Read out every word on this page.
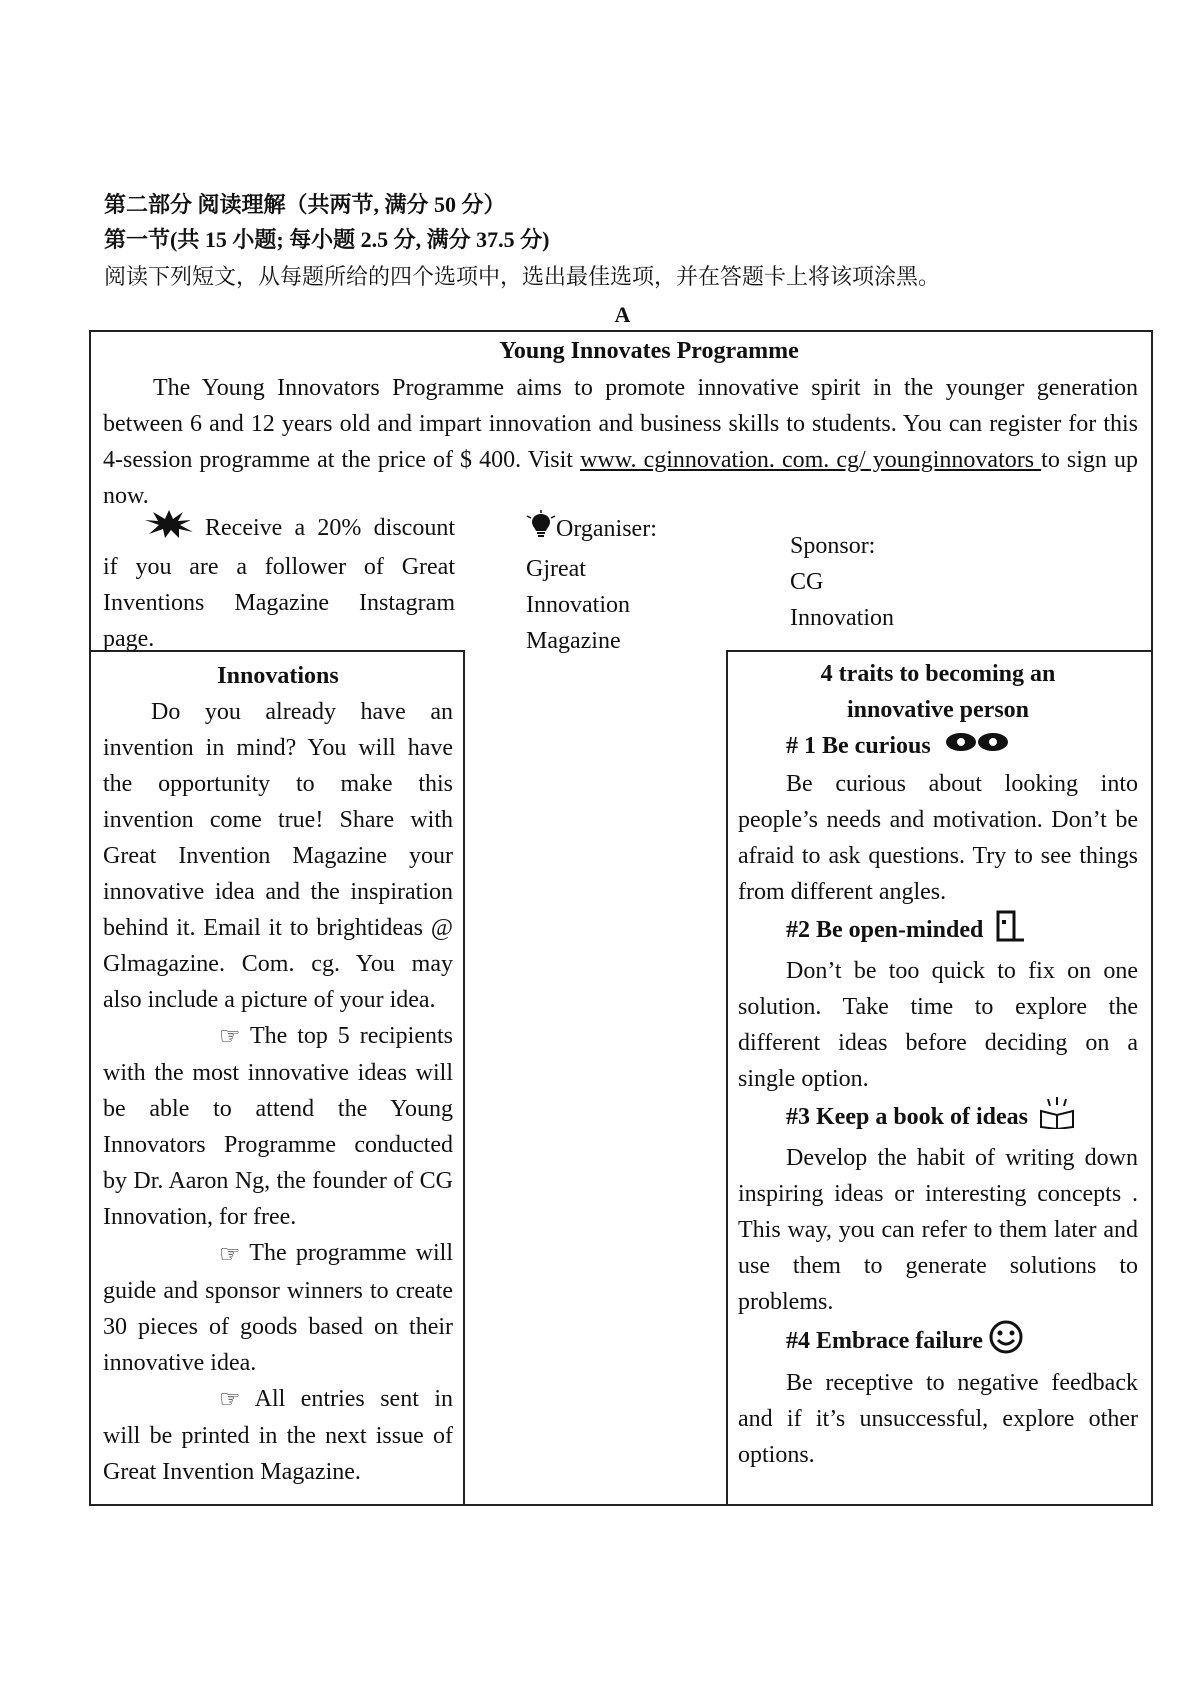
第二部分 阅读理解（共两节, 满分 50 分）
第一节(共 15 小题; 每小题 2.5 分, 满分 37.5 分)
阅读下列短文，从每题所给的四个选项中，选出最佳选项，并在答题卡上将该项涂黑。
A
Young Innovates Programme
The Young Innovators Programme aims to promote innovative spirit in the younger generation between 6 and 12 years old and impart innovation and business skills to students. You can register for this 4-session programme at the price of $ 400. Visit www. cginnovation. com. cg/ younginnovators to sign up now.
Receive a 20% discount if you are a follower of Great Inventions Magazine Instagram page.
Organiser:
Gjreat
Innovation
Magazine
Sponsor:
CG
Innovation
Innovations
Do you already have an invention in mind? You will have the opportunity to make this invention come true! Share with Great Invention Magazine your innovative idea and the inspiration behind it. Email it to brightideas @ Glmagazine. Com. cg. You may also include a picture of your idea.
☞ The top 5 recipients with the most innovative ideas will be able to attend the Young Innovators Programme conducted by Dr. Aaron Ng, the founder of CG Innovation, for free.
☞ The programme will guide and sponsor winners to create 30 pieces of goods based on their innovative idea.
☞ All entries sent in will be printed in the next issue of Great Invention Magazine.
4 traits to becoming an
innovative person
# 1 Be curious
Be curious about looking into people’s needs and motivation. Don’t be afraid to ask questions. Try to see things from different angles.
#2 Be open-minded
Don’t be too quick to fix on one solution. Take time to explore the different ideas before deciding on a single option.
#3 Keep a book of ideas
Develop the habit of writing down inspiring ideas or interesting concepts . This way, you can refer to them later and use them to generate solutions to problems.
#4 Embrace failure
Be receptive to negative feedback and if it’s unsuccessful, explore other options.
